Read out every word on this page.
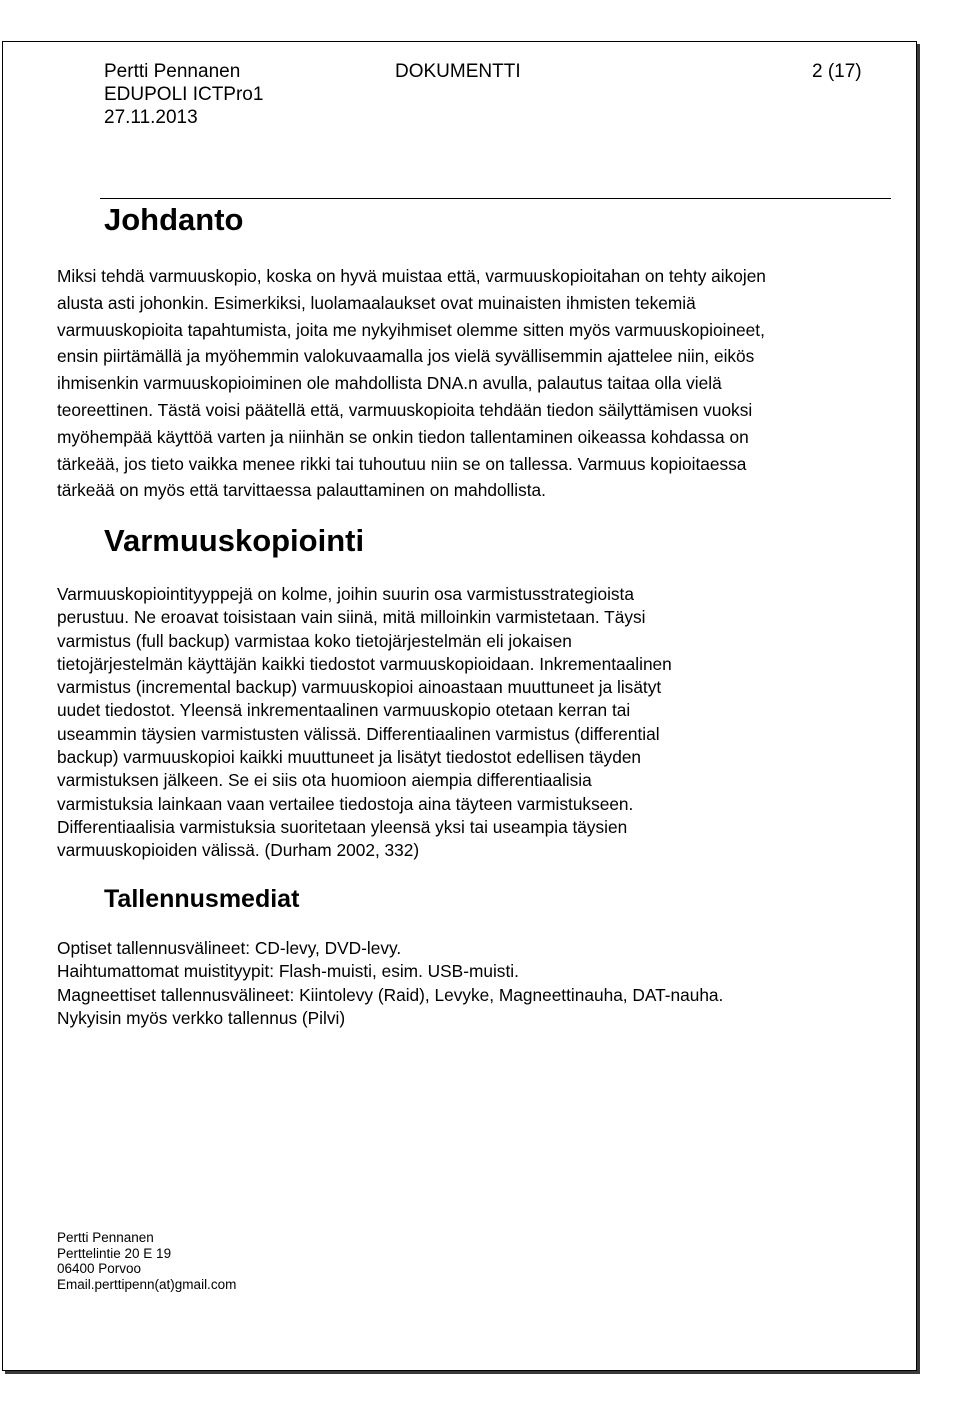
Pertti Pennanen
EDUPOLI ICTPro1
27.11.2013
DOKUMENTTI	2 (17)
Johdanto
Miksi tehdä varmuuskopio, koska on hyvä muistaa että, varmuuskopioitahan on tehty aikojen
alusta asti johonkin. Esimerkiksi, luolamaalaukset ovat muinaisten ihmisten tekemiä
varmuuskopioita tapahtumista, joita me nykyihmiset olemme sitten myös varmuuskopioineet,
ensin piirtämällä ja myöhemmin valokuvaamalla jos vielä syvällisemmin ajattelee niin, eikös
ihmisenkin varmuuskopioiminen ole mahdollista DNA.n avulla, palautus taitaa olla vielä
teoreettinen. Tästä voisi päätellä että, varmuuskopioita tehdään tiedon säilyttämisen vuoksi
myöhempää käyttöä varten ja niinhän se onkin tiedon tallentaminen oikeassa kohdassa on
tärkeää, jos tieto vaikka menee rikki tai tuhoutuu niin se on tallessa. Varmuus kopioitaessa
tärkeää on myös että tarvittaessa palauttaminen on mahdollista.
Varmuuskopiointi
Varmuuskopiointityyppejä on kolme, joihin suurin osa varmistusstrategioista
perustuu. Ne eroavat toisistaan vain siinä, mitä milloinkin varmistetaan. Täysi
varmistus (full backup) varmistaa koko tietojärjestelmän eli jokaisen
tietojärjestelmän käyttäjän kaikki tiedostot varmuuskopioidaan. Inkrementaalinen
varmistus (incremental backup) varmuuskopioi ainoastaan muuttuneet ja lisätyt
uudet tiedostot. Yleensä inkrementaalinen varmuuskopio otetaan kerran tai
useammin täysien varmistusten välissä. Differentiaalinen varmistus (differential
backup) varmuuskopioi kaikki muuttuneet ja lisätyt tiedostot edellisen täyden
varmistuksen jälkeen. Se ei siis ota huomioon aiempia differentiaalisia
varmistuksia lainkaan vaan vertailee tiedostoja aina täyteen varmistukseen.
Differentiaalisia varmistuksia suoritetaan yleensä yksi tai useampia täysien
varmuuskopioiden välissä. (Durham 2002, 332)
Tallennusmediat
Optiset tallennusvälineet: CD-levy, DVD-levy.
Haihtumattomat muistityypit: Flash-muisti, esim. USB-muisti.
Magneettiset tallennusvälineet: Kiintolevy (Raid), Levyke, Magneettinauha, DAT-nauha.
Nykyisin myös verkko tallennus (Pilvi)
Pertti Pennanen
Perttelintie 20 E 19
06400 Porvoo
Email.perttipenn(at)gmail.com
